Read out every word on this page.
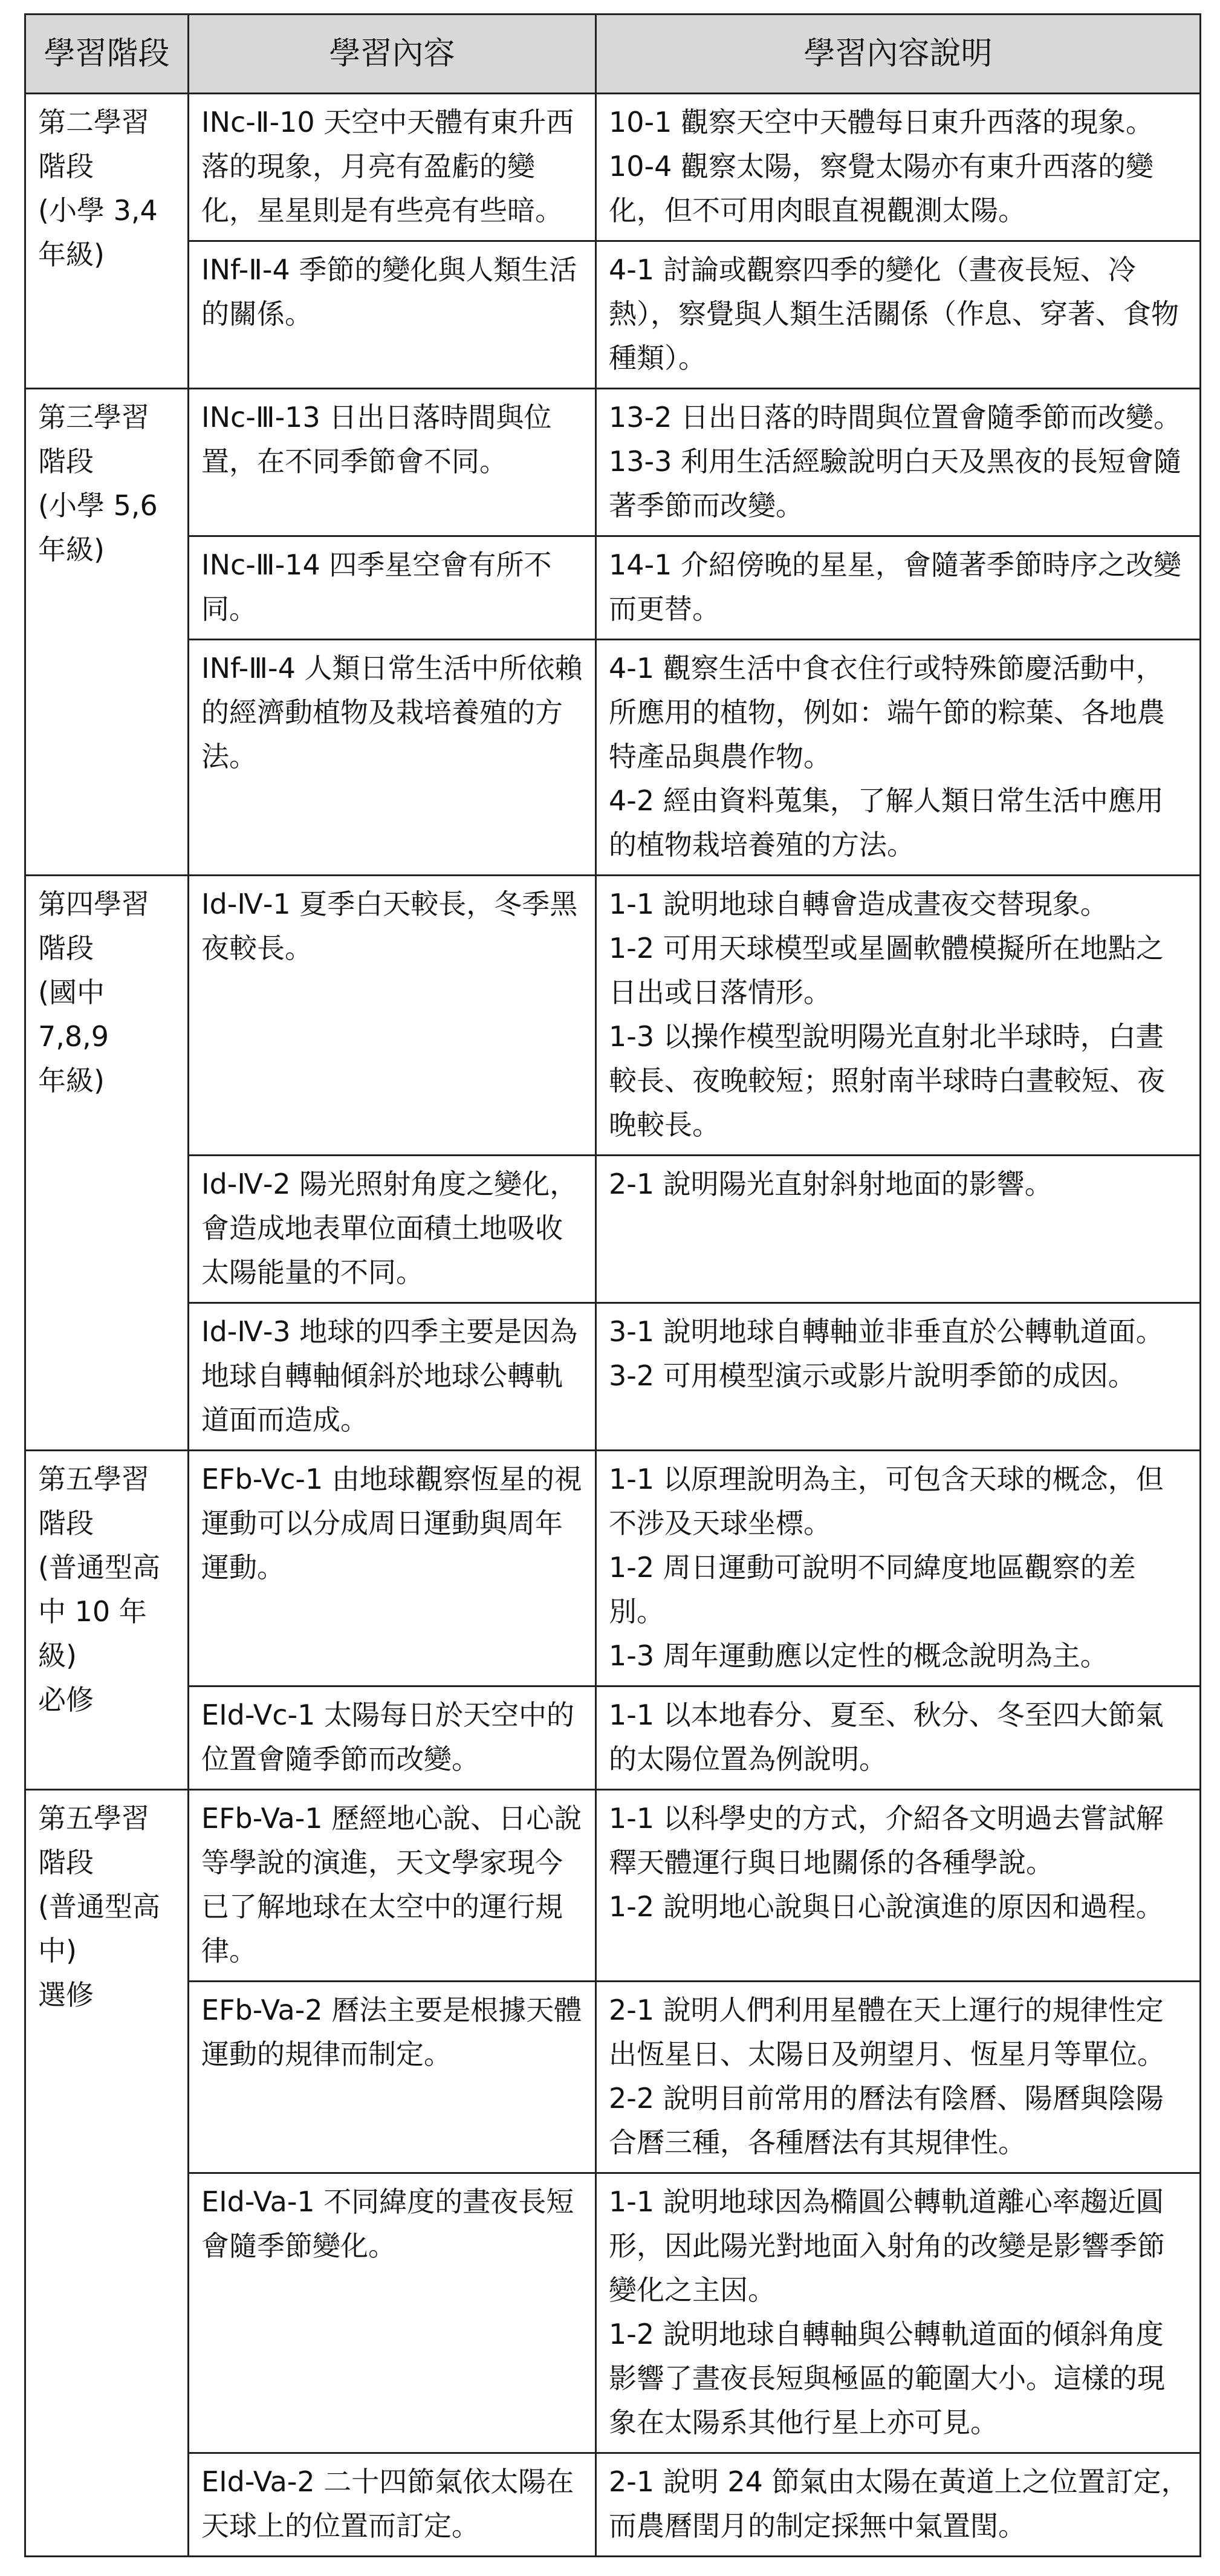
學習階段	學習內容	學習內容說明

第二學習
階段
(小學 3,4
年級)	INc-Ⅱ-10 天空中天體有東升西落的現象，月亮有盈虧的變化，星星則是有些亮有些暗。	10-1 觀察天空中天體每日東升西落的現象。
10-4 觀察太陽，察覺太陽亦有東升西落的變化，但不可用肉眼直視觀測太陽。

	INf-Ⅱ-4 季節的變化與人類生活的關係。	4-1 討論或觀察四季的變化（晝夜長短、冷熱），察覺與人類生活關係（作息、穿著、食物種類）。

第三學習
階段
(小學 5,6
年級)	INc-Ⅲ-13 日出日落時間與位置，在不同季節會不同。	13-2 日出日落的時間與位置會隨季節而改變。
13-3 利用生活經驗說明白天及黑夜的長短會隨著季節而改變。

	INc-Ⅲ-14 四季星空會有所不同。	14-1 介紹傍晚的星星，會隨著季節時序之改變而更替。

	INf-Ⅲ-4 人類日常生活中所依賴的經濟動植物及栽培養殖的方法。	4-1 觀察生活中食衣住行或特殊節慶活動中，所應用的植物，例如：端午節的粽葉、各地農特產品與農作物。
4-2 經由資料蒐集，了解人類日常生活中應用的植物栽培養殖的方法。

第四學習
階段
(國中 7,8,9
年級)	Id-Ⅳ-1 夏季白天較長，冬季黑夜較長。	1-1 說明地球自轉會造成晝夜交替現象。
1-2 可用天球模型或星圖軟體模擬所在地點之日出或日落情形。
1-3 以操作模型說明陽光直射北半球時，白晝較長、夜晚較短；照射南半球時白晝較短、夜晚較長。

	Id-Ⅳ-2 陽光照射角度之變化，會造成地表單位面積土地吸收太陽能量的不同。	2-1 說明陽光直射斜射地面的影響。

	Id-Ⅳ-3 地球的四季主要是因為地球自轉軸傾斜於地球公轉軌道面而造成。	3-1 說明地球自轉軸並非垂直於公轉軌道面。
3-2 可用模型演示或影片說明季節的成因。

第五學習
階段
(普通型高
中 10 年級)
必修	EFb-Vc-1 由地球觀察恆星的視運動可以分成周日運動與周年運動。	1-1 以原理說明為主，可包含天球的概念，但不涉及天球坐標。
1-2 周日運動可說明不同緯度地區觀察的差別。
1-3 周年運動應以定性的概念說明為主。

	EId-Vc-1 太陽每日於天空中的位置會隨季節而改變。	1-1 以本地春分、夏至、秋分、冬至四大節氣的太陽位置為例說明。

第五學習
階段
(普通型高
中)
選修	EFb-Va-1 歷經地心說、日心說等學說的演進，天文學家現今已了解地球在太空中的運行規律。	1-1 以科學史的方式，介紹各文明過去嘗試解釋天體運行與日地關係的各種學說。
1-2 說明地心說與日心說演進的原因和過程。

	EFb-Va-2 曆法主要是根據天體運動的規律而制定。	2-1 說明人們利用星體在天上運行的規律性定出恆星日、太陽日及朔望月、恆星月等單位。
2-2 說明目前常用的曆法有陰曆、陽曆與陰陽合曆三種，各種曆法有其規律性。

	EId-Va-1 不同緯度的晝夜長短會隨季節變化。	1-1 說明地球因為橢圓公轉軌道離心率趨近圓形，因此陽光對地面入射角的改變是影響季節變化之主因。
1-2 說明地球自轉軸與公轉軌道面的傾斜角度影響了晝夜長短與極區的範圍大小。這樣的現象在太陽系其他行星上亦可見。

	EId-Va-2 二十四節氣依太陽在天球上的位置而訂定。	2-1 說明 24 節氣由太陽在黃道上之位置訂定，而農曆閏月的制定採無中氣置閏。
